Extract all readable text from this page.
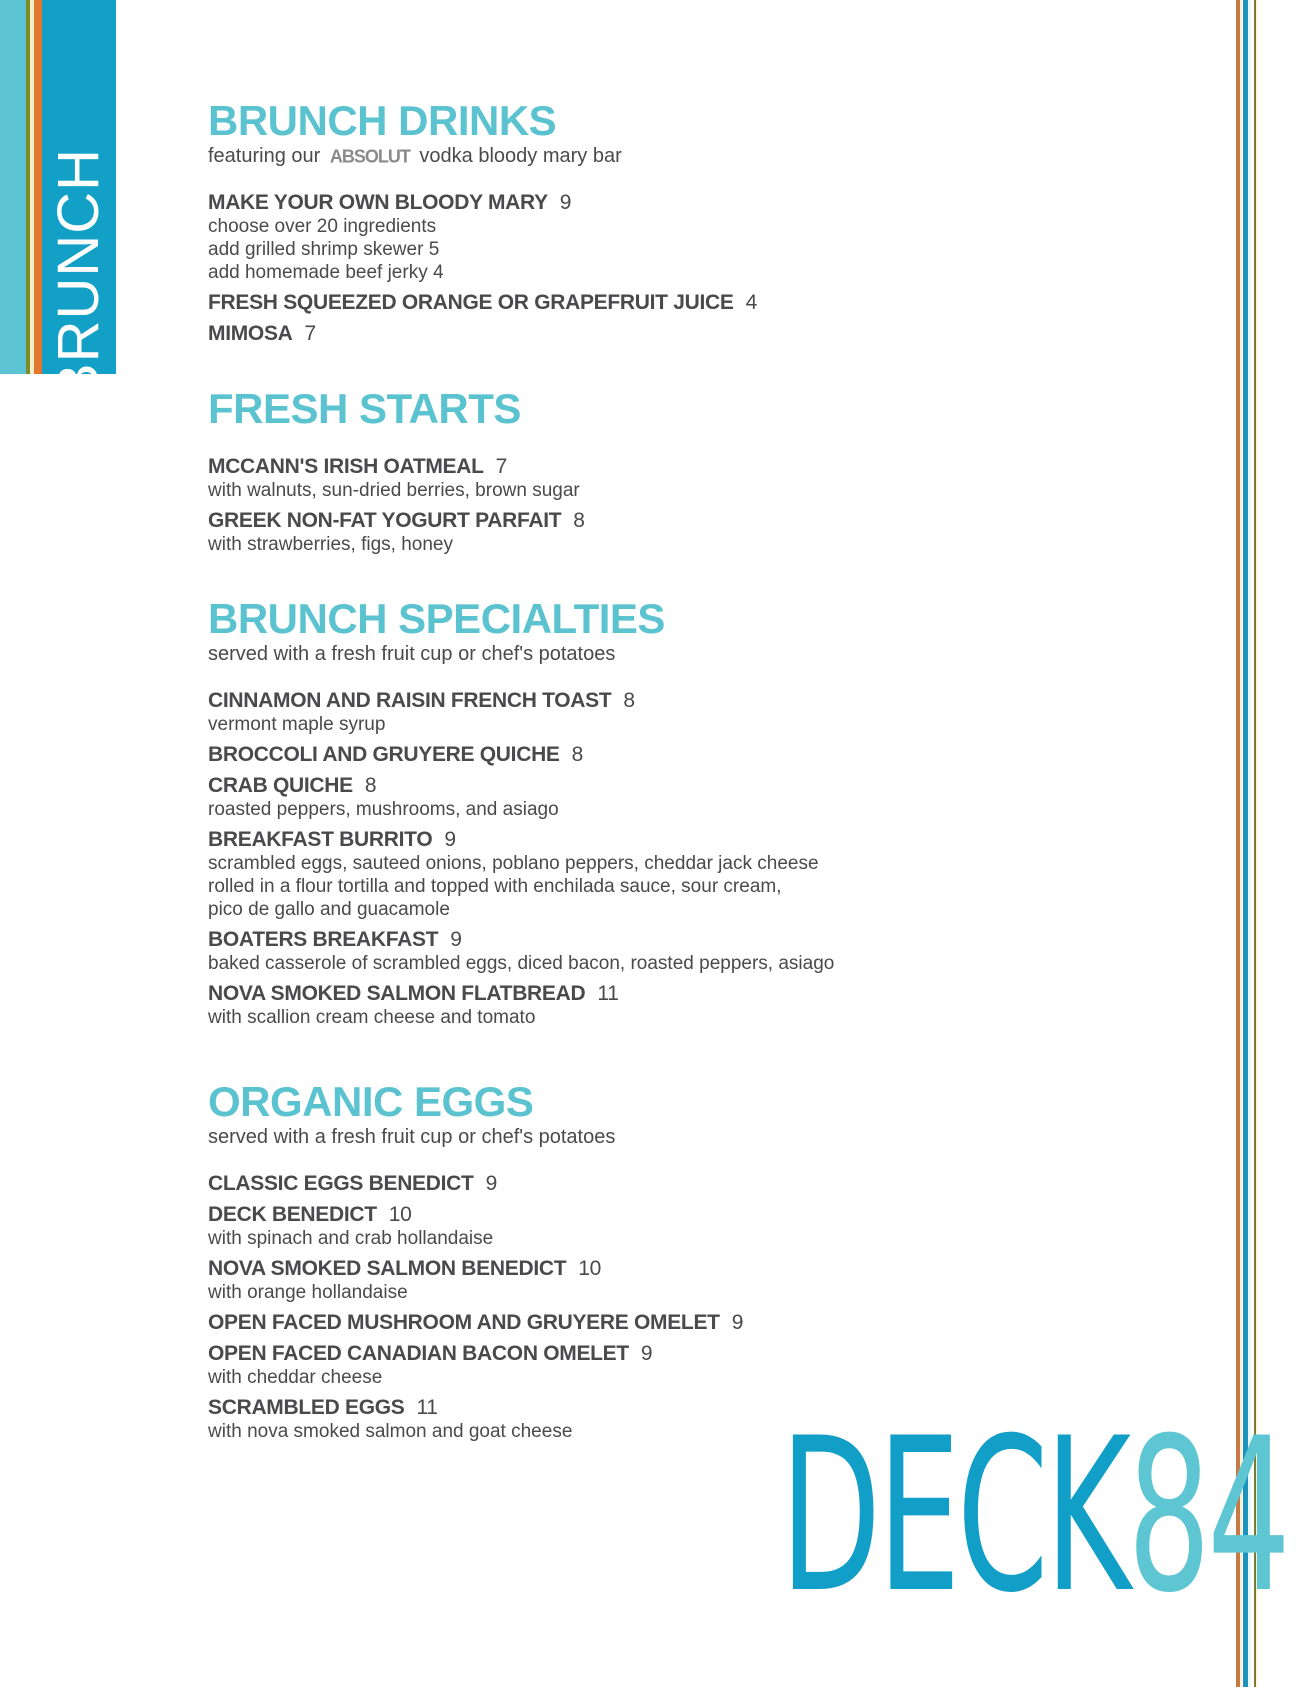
BRUNCH
BRUNCH DRINKS
featuring our ABSOLUT vodka bloody mary bar
MAKE YOUR OWN BLOODY MARY 9
choose over 20 ingredients
add grilled shrimp skewer 5
add homemade beef jerky 4
FRESH SQUEEZED ORANGE OR GRAPEFRUIT JUICE 4
MIMOSA 7
FRESH STARTS
MCCANN'S IRISH OATMEAL 7
with walnuts, sun-dried berries, brown sugar
GREEK NON-FAT YOGURT PARFAIT 8
with strawberries, figs, honey
BRUNCH SPECIALTIES
served with a fresh fruit cup or chef's potatoes
CINNAMON AND RAISIN FRENCH TOAST 8
vermont maple syrup
BROCCOLI AND GRUYERE QUICHE 8
CRAB QUICHE 8
roasted peppers, mushrooms, and asiago
BREAKFAST BURRITO 9
scrambled eggs, sauteed onions, poblano peppers, cheddar jack cheese
rolled in a flour tortilla and topped with enchilada sauce, sour cream,
pico de gallo and guacamole
BOATERS BREAKFAST 9
baked casserole of scrambled eggs, diced bacon, roasted peppers, asiago
NOVA SMOKED SALMON FLATBREAD 11
with scallion cream cheese and tomato
ORGANIC EGGS
served with a fresh fruit cup or chef's potatoes
CLASSIC EGGS BENEDICT 9
DECK BENEDICT 10
with spinach and crab hollandaise
NOVA SMOKED SALMON BENEDICT 10
with orange hollandaise
OPEN FACED MUSHROOM AND GRUYERE OMELET 9
OPEN FACED CANADIAN BACON OMELET 9
with cheddar cheese
SCRAMBLED EGGS 11
with nova smoked salmon and goat cheese DECK84
